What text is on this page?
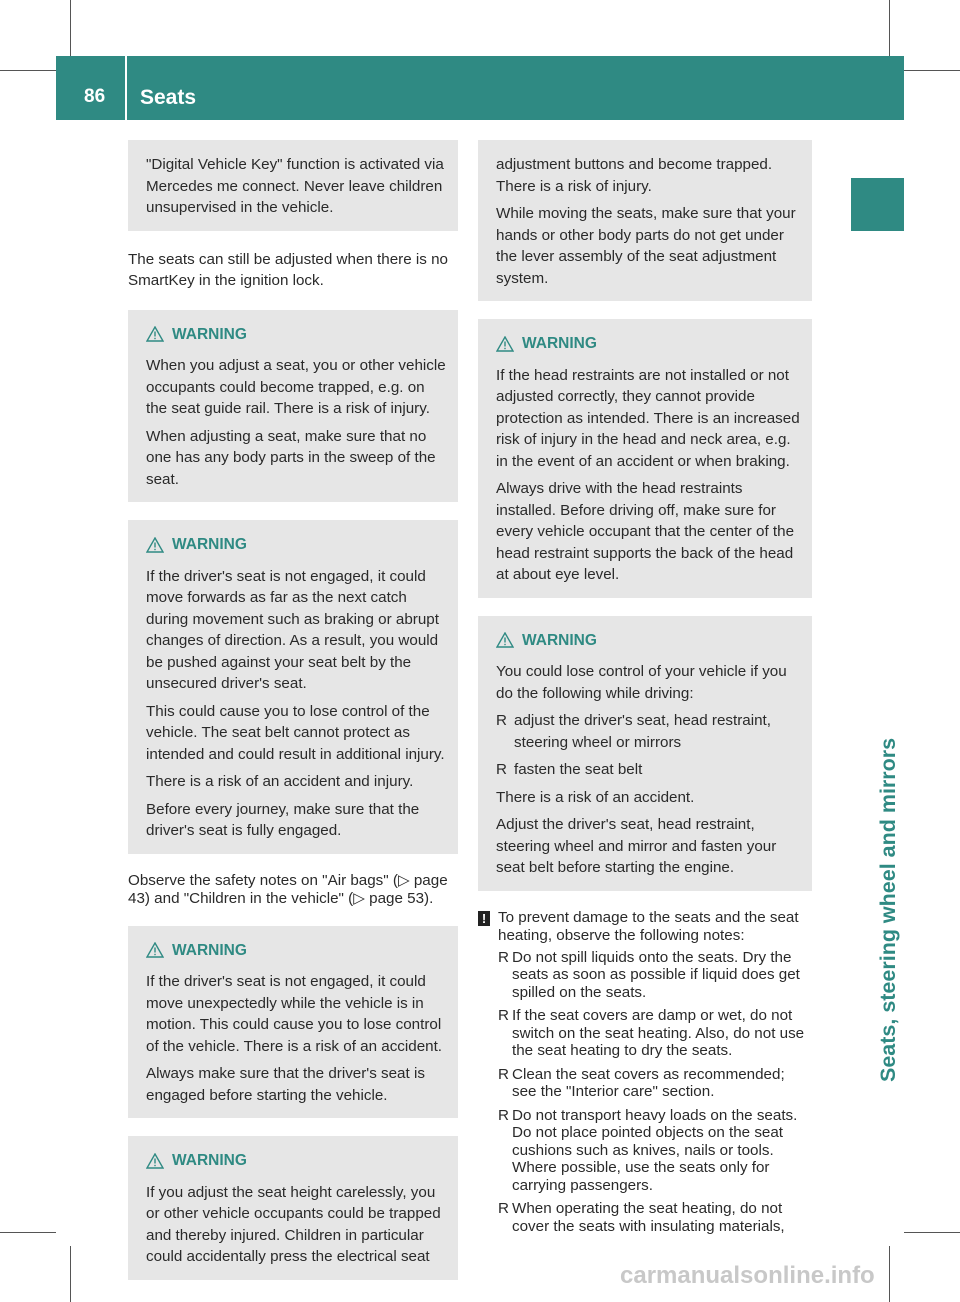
86 Seats
Seats, steering wheel and mirrors

"Digital Vehicle Key" function is activated via Mercedes me connect. Never leave children unsupervised in the vehicle.

The seats can still be adjusted when there is no SmartKey in the ignition lock.

WARNING

When you adjust a seat, you or other vehicle occupants could become trapped, e.g. on the seat guide rail. There is a risk of injury.

When adjusting a seat, make sure that no one has any body parts in the sweep of the seat.

WARNING

If the driver's seat is not engaged, it could move forwards as far as the next catch during movement such as braking or abrupt changes of direction. As a result, you would be pushed against your seat belt by the unsecured driver's seat.

This could cause you to lose control of the vehicle. The seat belt cannot protect as intended and could result in additional injury.

There is a risk of an accident and injury.

Before every journey, make sure that the driver's seat is fully engaged.

Observe the safety notes on "Air bags" (▷ page 43) and "Children in the vehicle" (▷ page 53).

WARNING

If the driver's seat is not engaged, it could move unexpectedly while the vehicle is in motion. This could cause you to lose control of the vehicle. There is a risk of an accident.

Always make sure that the driver's seat is engaged before starting the vehicle.

WARNING

If you adjust the seat height carelessly, you or other vehicle occupants could be trapped and thereby injured. Children in particular could accidentally press the electrical seat

adjustment buttons and become trapped. There is a risk of injury.

While moving the seats, make sure that your hands or other body parts do not get under the lever assembly of the seat adjustment system.

WARNING

If the head restraints are not installed or not adjusted correctly, they cannot provide protection as intended. There is an increased risk of injury in the head and neck area, e.g. in the event of an accident or when braking.

Always drive with the head restraints installed. Before driving off, make sure for every vehicle occupant that the center of the head restraint supports the back of the head at about eye level.

WARNING

You could lose control of your vehicle if you do the following while driving:

R adjust the driver's seat, head restraint, steering wheel or mirrors
R fasten the seat belt

There is a risk of an accident.

Adjust the driver's seat, head restraint, steering wheel and mirror and fasten your seat belt before starting the engine.

! To prevent damage to the seats and the seat heating, observe the following notes:
R Do not spill liquids onto the seats. Dry the seats as soon as possible if liquid does get spilled on the seats.
R If the seat covers are damp or wet, do not switch on the seat heating. Also, do not use the seat heating to dry the seats.
R Clean the seat covers as recommended; see the "Interior care" section.
R Do not transport heavy loads on the seats. Do not place pointed objects on the seat cushions such as knives, nails or tools. Where possible, use the seats only for carrying passengers.
R When operating the seat heating, do not cover the seats with insulating materials,
carmanualsonline.info
